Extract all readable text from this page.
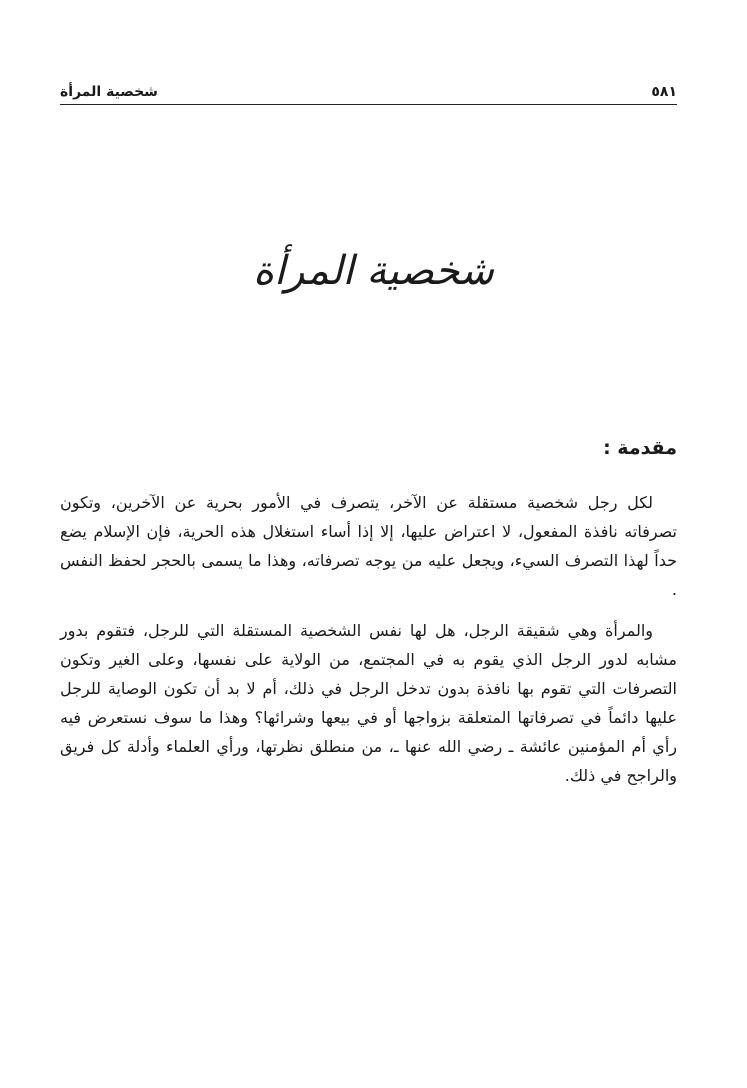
٥٨١
شخصية المرأة
شخصية المرأة
مقدمة :

لكل رجل شخصية مستقلة عن الآخر، يتصرف في الأمور بحرية عن الآخرين، وتكون تصرفاته نافذة المفعول، لا اعتراض عليها، إلا إذا أساء استغلال هذه الحرية، فإن الإسلام يضع حداً لهذا التصرف السيء، ويجعل عليه من يوجه تصرفاته، وهذا ما يسمى بالحجر لحفظ النفس .

والمرأة وهي شقيقة الرجل، هل لها نفس الشخصية المستقلة التي للرجل، فتقوم بدور مشابه لدور الرجل الذي يقوم به في المجتمع، من الولاية على نفسها، وعلى الغير وتكون التصرفات التي تقوم بها نافذة بدون تدخل الرجل في ذلك، أم لا بد أن تكون الوصاية للرجل عليها دائماً في تصرفاتها المتعلقة بزواجها أو في بيعها وشرائها؟ وهذا ما سوف نستعرض فيه رأي أم المؤمنين عائشة ـ رضي الله عنها ـ، من منطلق نظرتها، ورأي العلماء وأدلة كل فريق والراجح في ذلك.
